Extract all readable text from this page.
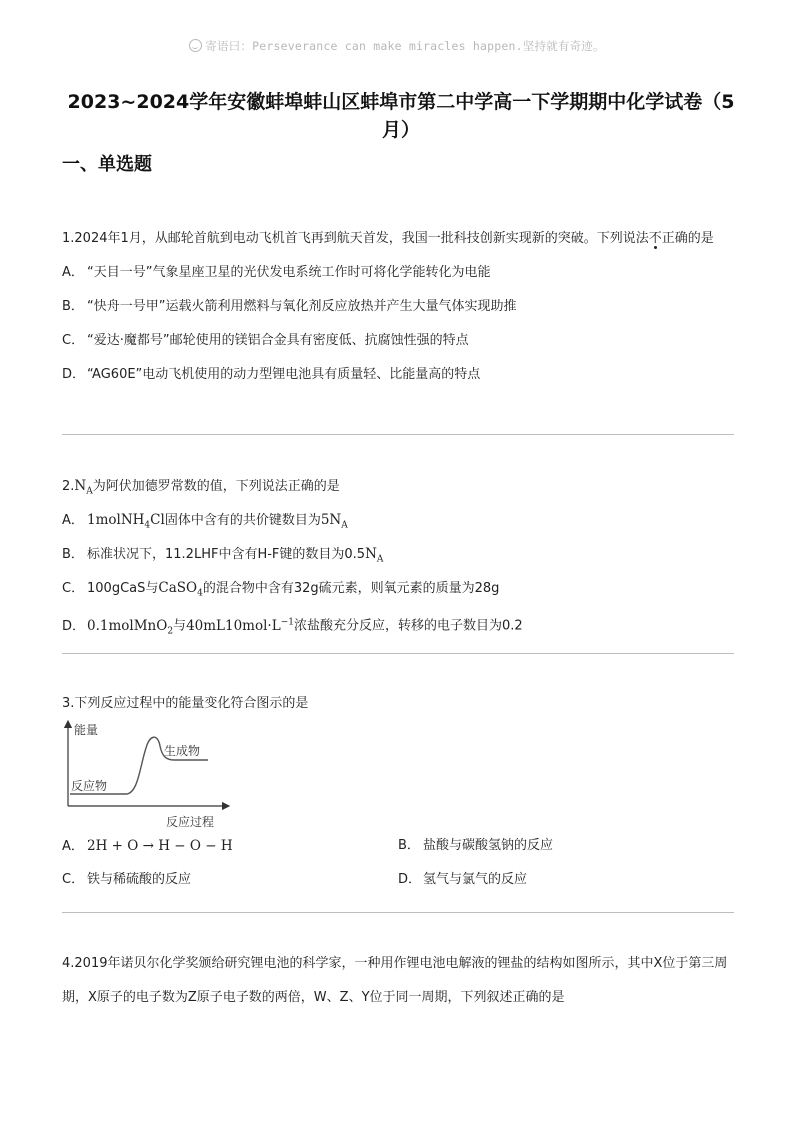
寄语曰：Perseverance can make miracles happen.坚持就有奇迹。
2023~2024学年安徽蚌埠蚌山区蚌埠市第二中学高一下学期期中化学试卷（5月）
一、单选题
1.2024年1月，从邮轮首航到电动飞机首飞再到航天首发，我国一批科技创新实现新的突破。下列说法不正确的是
A． “天目一号”气象星座卫星的光伏发电系统工作时可将化学能转化为电能
B． “快舟一号甲”运载火箭利用燃料与氧化剂反应放热并产生大量气体实现助推
C． “爱达·魔都号”邮轮使用的镁铝合金具有密度低、抗腐蚀性强的特点
D． “AG60E”电动飞机使用的动力型锂电池具有质量轻、比能量高的特点
$2.N_A$为阿伏加德罗常数的值，下列说法正确的是
A． 1molNH$_4$Cl固体中含有的共价键数目为$5N_A$
B． 标准状况下，11.2LHF中含有H-F键的数目为$0.5N_A$
C． 100gCaS与CaSO$_4$的混合物中含有32g硫元素，则氧元素的质量为28g
D． 0.1molMnO$_2$与$40mL10mol\cdot L^{-1}$浓盐酸充分反应，转移的电子数目为0.2
3.下列反应过程中的能量变化符合图示的是
能量
生成物
反应物
反应过程
A． 2H + O → H − O − H	B． 盐酸与碳酸氢钠的反应
C． 铁与稀硫酸的反应	D． 氢气与氯气的反应
4.2019年诺贝尔化学奖颁给研究锂电池的科学家，一种用作锂电池电解液的锂盐的结构如图所示，其中X位于第三周期，X原子的电子数为Z原子电子数的两倍，W、Z、Y位于同一周期，下列叙述正确的是
